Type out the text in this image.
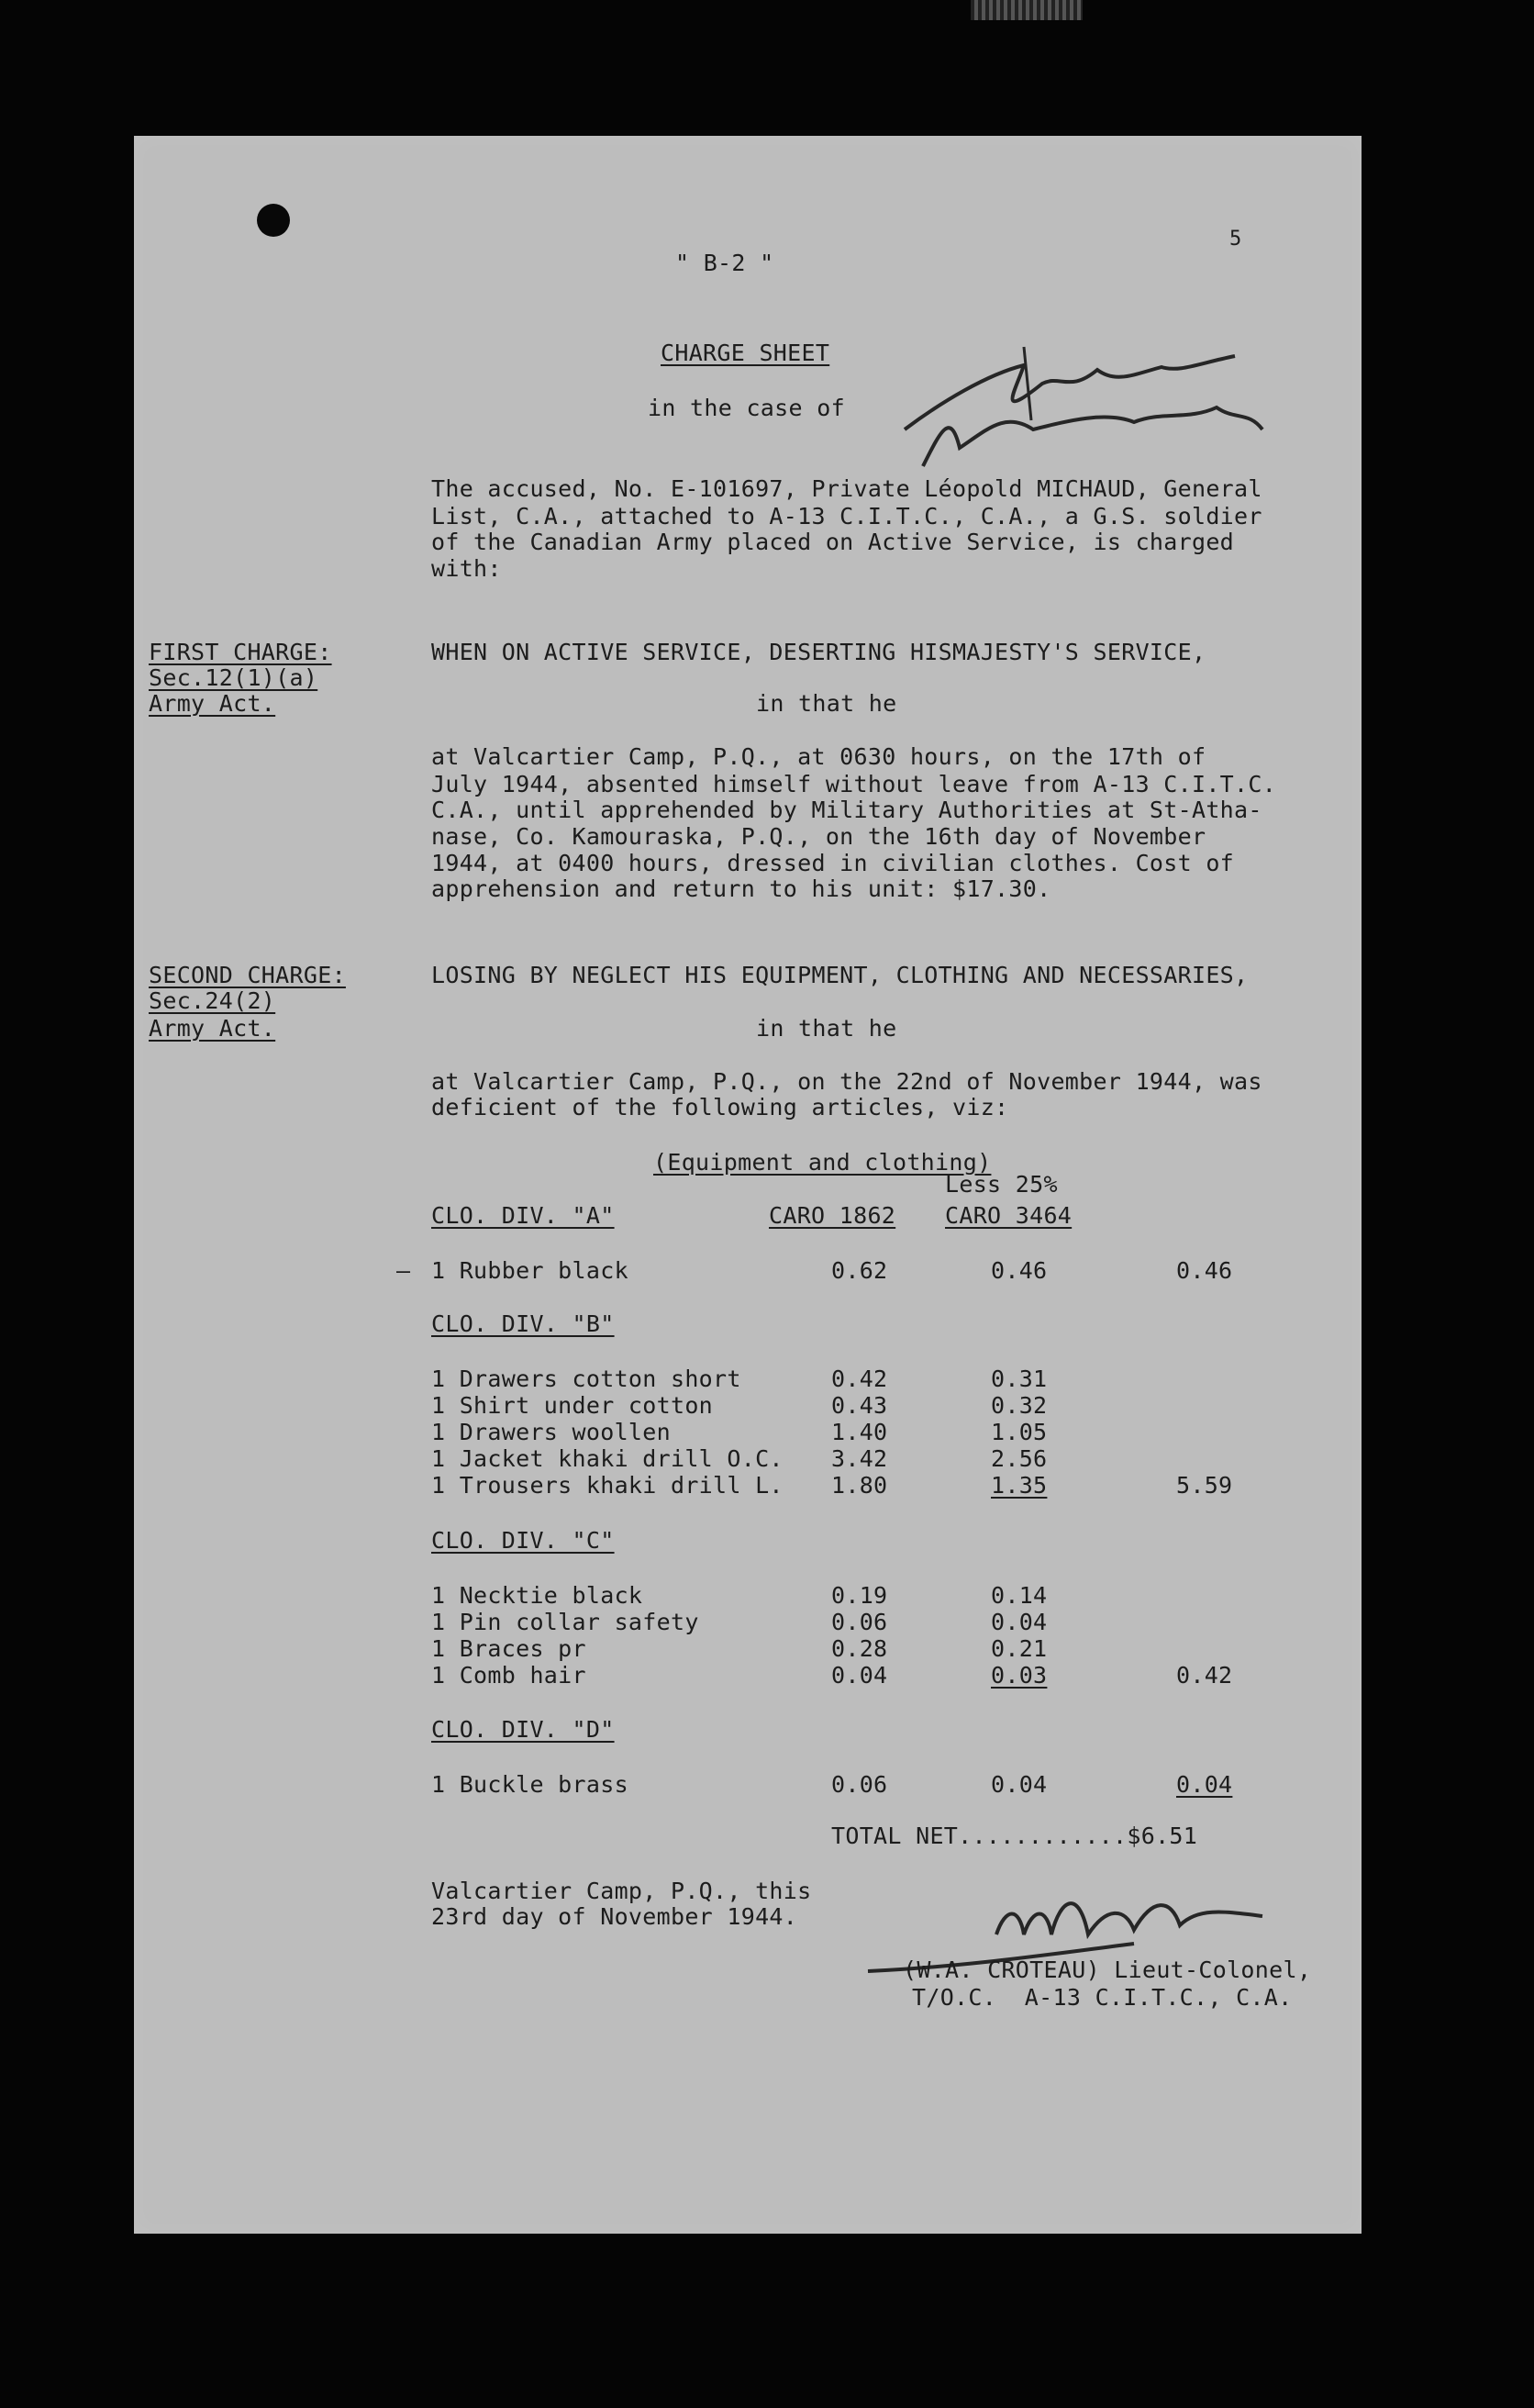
" B-2 "
5
CHARGE SHEET
in the case of
The accused, No. E-101697, Private Léopold MICHAUD, General
List, C.A., attached to A-13 C.I.T.C., C.A., a G.S. soldier
of the Canadian Army placed on Active Service, is charged
with:
FIRST CHARGE:
Sec.12(1)(a)
Army Act.
WHEN ON ACTIVE SERVICE, DESERTING HISMAJESTY'S SERVICE,
in that he
at Valcartier Camp, P.Q., at 0630 hours, on the 17th of
July 1944, absented himself without leave from A-13 C.I.T.C.
C.A., until apprehended by Military Authorities at St-Atha-
nase, Co. Kamouraska, P.Q., on the 16th day of November
1944, at 0400 hours, dressed in civilian clothes. Cost of
apprehension and return to his unit: $17.30.
SECOND CHARGE:
Sec.24(2)
Army Act.
LOSING BY NEGLECT HIS EQUIPMENT, CLOTHING AND NECESSARIES,
in that he
at Valcartier Camp, P.Q., on the 22nd of November 1944, was
deficient of the following articles, viz:
(Equipment and clothing)
Less 25%
CLO. DIV. "A"	CARO 1862 CARO 3464
— 1 Rubber black	0.62	0.46	0.46
CLO. DIV. "B"
1 Drawers cotton short	0.42	0.31
1 Shirt under cotton	0.43	0.32
1 Drawers woollen	1.40	1.05
1 Jacket khaki drill O.C. 3.42	2.56
1 Trousers khaki drill L. 1.80	1.35	5.59
CLO. DIV. "C"
1 Necktie black	0.19	0.14
1 Pin collar safety	0.06	0.04
1 Braces pr	0.28	0.21
1 Comb hair	0.04	0.03	0.42
CLO. DIV. "D"
1 Buckle brass	0.06	0.04	0.04
TOTAL NET............$6.51
Valcartier Camp, P.Q., this
23rd day of November 1944.
(W.A. CROTEAU) Lieut-Colonel,
T/O.C.  A-13 C.I.T.C., C.A.
